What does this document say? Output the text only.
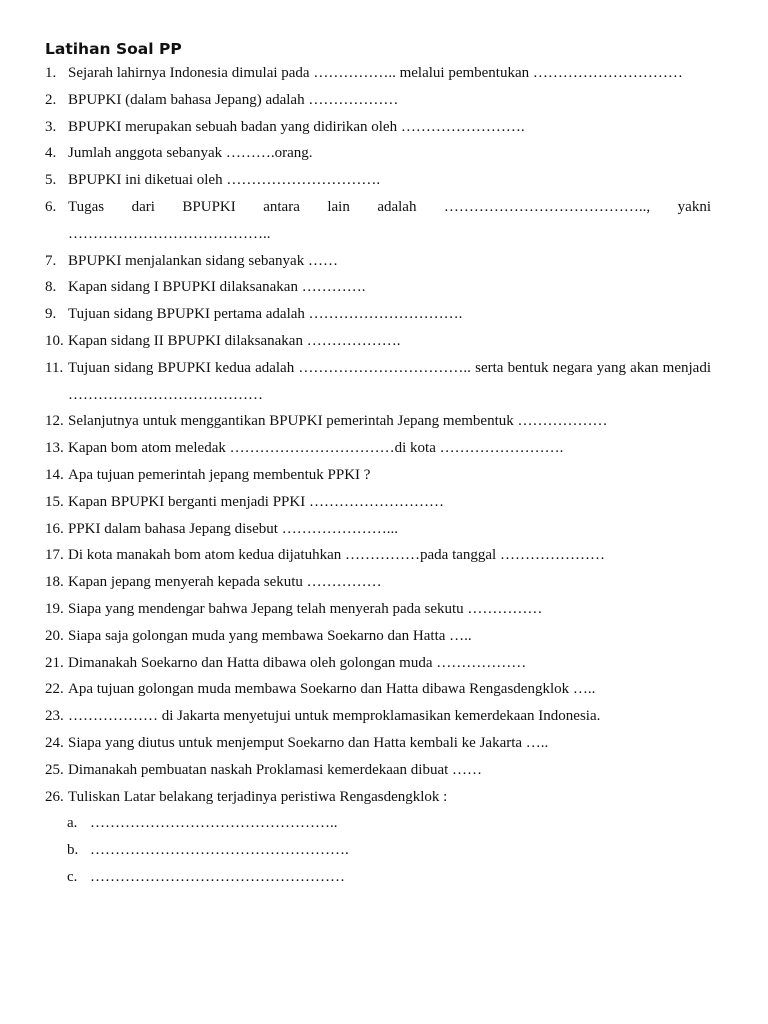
Latihan Soal PP
1. Sejarah lahirnya Indonesia dimulai pada …………….. melalui pembentukan …………………………
2. BPUPKI (dalam bahasa Jepang) adalah ………………
3. BPUPKI merupakan sebuah badan yang didirikan oleh …………………….
4. Jumlah anggota sebanyak ……….orang.
5. BPUPKI ini diketuai oleh ………………………….
6. Tugas dari BPUPKI antara lain adalah ………………………………….., yakni …………………………………..
7. BPUPKI menjalankan sidang sebanyak ……
8. Kapan sidang I BPUPKI dilaksanakan ………….
9. Tujuan sidang BPUPKI pertama adalah ………………………….
10. Kapan sidang II BPUPKI dilaksanakan ……………….
11. Tujuan sidang BPUPKI kedua adalah …………………………….. serta bentuk negara yang akan menjadi …………………………………
12. Selanjutnya untuk menggantikan BPUPKI pemerintah Jepang membentuk ………………
13. Kapan bom atom meledak ……………………………di kota …………………….
14. Apa tujuan pemerintah jepang membentuk PPKI ?
15. Kapan BPUPKI berganti menjadi PPKI ………………………
16. PPKI dalam bahasa Jepang disebut …………………...
17. Di kota manakah bom atom kedua dijatuhkan ……………pada tanggal …………………
18. Kapan jepang menyerah kepada sekutu ……………
19. Siapa yang mendengar bahwa Jepang telah menyerah pada sekutu ……………
20. Siapa saja golongan muda yang membawa Soekarno dan Hatta …..
21. Dimanakah Soekarno dan Hatta dibawa oleh golongan muda ………………
22. Apa tujuan golongan muda membawa Soekarno dan Hatta dibawa Rengasdengklok …..
23. ……………… di Jakarta menyetujui untuk memproklamasikan kemerdekaan Indonesia.
24. Siapa yang diutus untuk menjemput Soekarno dan Hatta kembali ke Jakarta …..
25. Dimanakah pembuatan naskah Proklamasi kemerdekaan dibuat ……
26. Tuliskan Latar belakang terjadinya peristiwa Rengasdengklok :
a. …………………………………………..
b. …………………………………………….
c. ……………………………………………
